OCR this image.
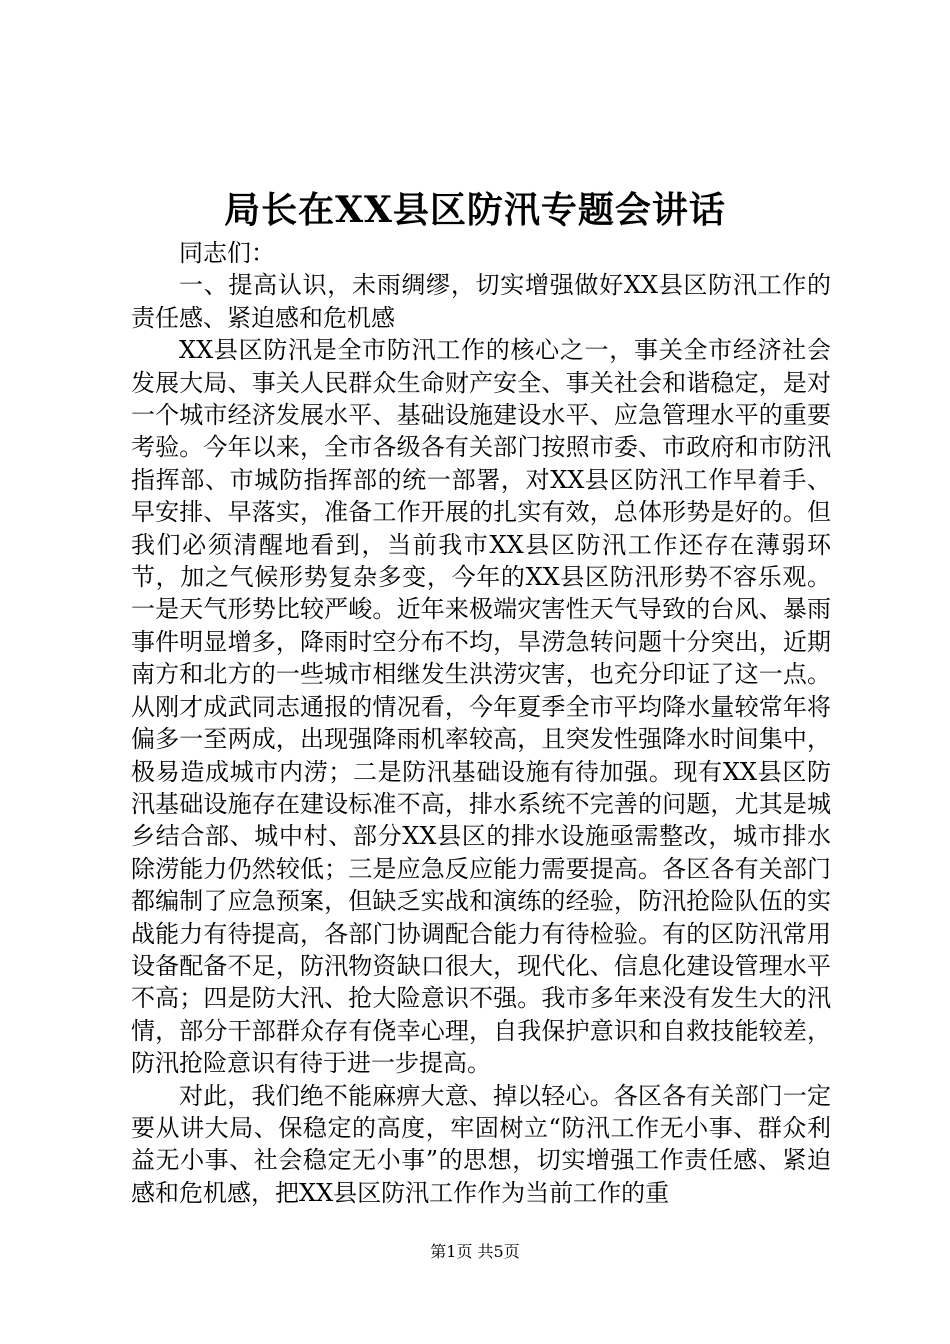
局长在XX县区防汛专题会讲话

同志们：

一、提高认识，未雨绸缪，切实增强做好XX县区防汛工作的责任感、紧迫感和危机感

XX县区防汛是全市防汛工作的核心之一，事关全市经济社会发展大局、事关人民群众生命财产安全、事关社会和谐稳定，是对一个城市经济发展水平、基础设施建设水平、应急管理水平的重要考验。今年以来，全市各级各有关部门按照市委、市政府和市防汛指挥部、市城防指挥部的统一部署，对XX县区防汛工作早着手、早安排、早落实，准备工作开展的扎实有效，总体形势是好的。但我们必须清醒地看到，当前我市XX县区防汛工作还存在薄弱环节，加之气候形势复杂多变，今年的XX县区防汛形势不容乐观。一是天气形势比较严峻。近年来极端灾害性天气导致的台风、暴雨事件明显增多，降雨时空分布不均，旱涝急转问题十分突出，近期南方和北方的一些城市相继发生洪涝灾害，也充分印证了这一点。从刚才成武同志通报的情况看，今年夏季全市平均降水量较常年将偏多一至两成，出现强降雨机率较高，且突发性强降水时间集中，极易造成城市内涝；二是防汛基础设施有待加强。现有XX县区防汛基础设施存在建设标准不高，排水系统不完善的问题，尤其是城乡结合部、城中村、部分XX县区的排水设施亟需整改，城市排水除涝能力仍然较低；三是应急反应能力需要提高。各区各有关部门都编制了应急预案，但缺乏实战和演练的经验，防汛抢险队伍的实战能力有待提高，各部门协调配合能力有待检验。有的区防汛常用设备配备不足，防汛物资缺口很大，现代化、信息化建设管理水平不高；四是防大汛、抢大险意识不强。我市多年来没有发生大的汛情，部分干部群众存有侥幸心理，自我保护意识和自救技能较差，防汛抢险意识有待于进一步提高。

对此，我们绝不能麻痹大意、掉以轻心。各区各有关部门一定要从讲大局、保稳定的高度，牢固树立“防汛工作无小事、群众利益无小事、社会稳定无小事”的思想，切实增强工作责任感、紧迫感和危机感，把XX县区防汛工作作为当前工作的重

第1页 共5页
